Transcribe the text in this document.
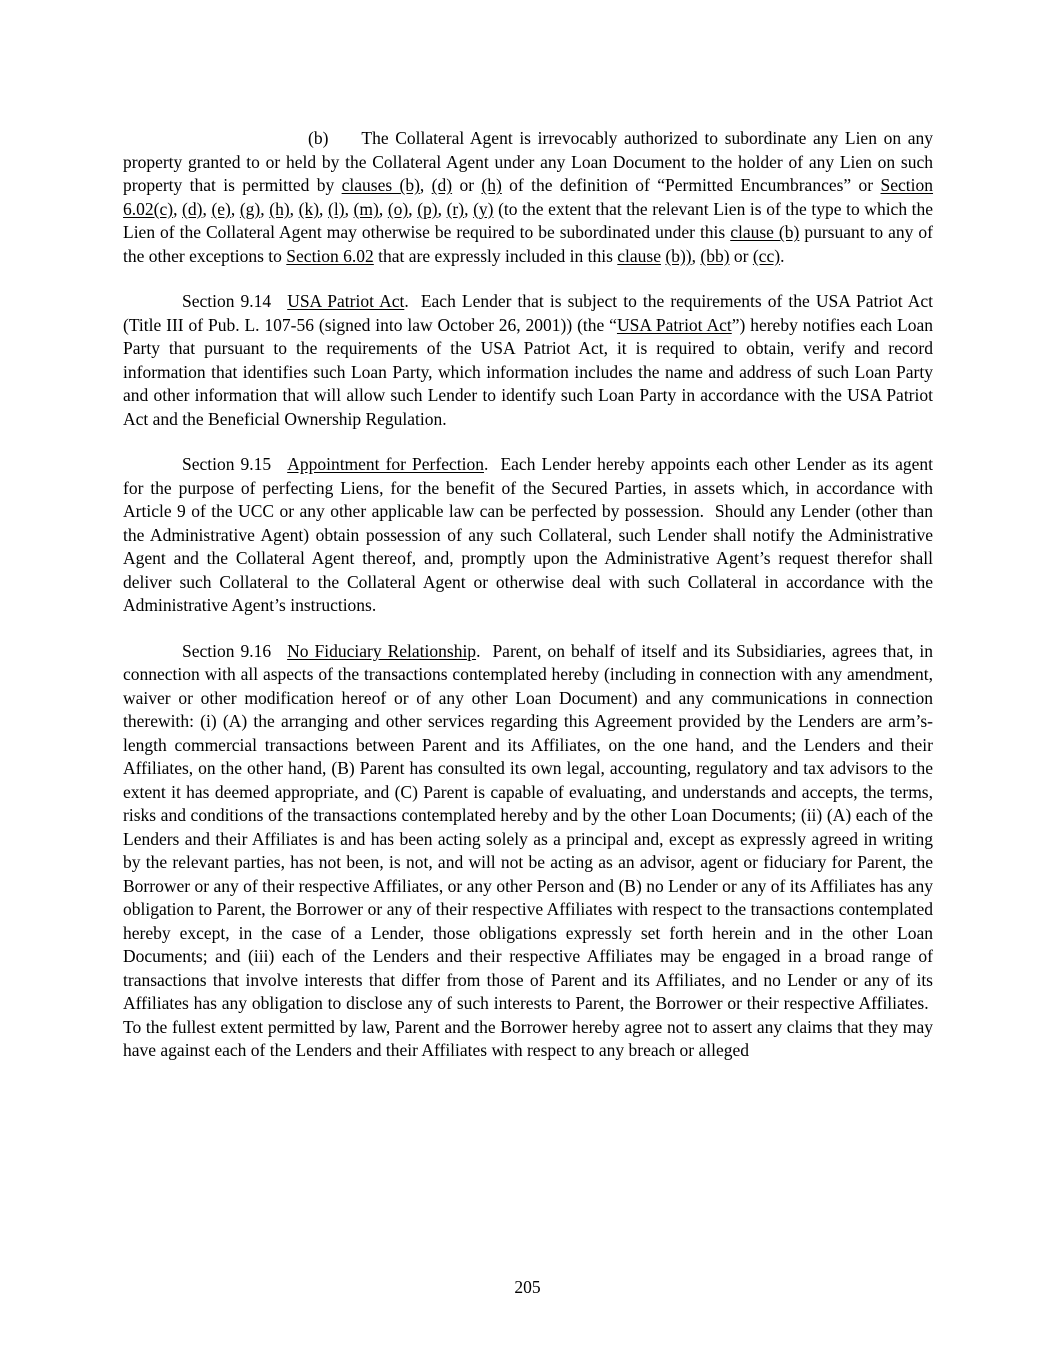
(b) The Collateral Agent is irrevocably authorized to subordinate any Lien on any property granted to or held by the Collateral Agent under any Loan Document to the holder of any Lien on such property that is permitted by clauses (b), (d) or (h) of the definition of “Permitted Encumbrances” or Section 6.02(c), (d), (e), (g), (h), (k), (l), (m), (o), (p), (r), (y) (to the extent that the relevant Lien is of the type to which the Lien of the Collateral Agent may otherwise be required to be subordinated under this clause (b) pursuant to any of the other exceptions to Section 6.02 that are expressly included in this clause (b)), (bb) or (cc).

Section 9.14 USA Patriot Act.  Each Lender that is subject to the requirements of the USA Patriot Act (Title III of Pub. L. 107-56 (signed into law October 26, 2001)) (the “USA Patriot Act”) hereby notifies each Loan Party that pursuant to the requirements of the USA Patriot Act, it is required to obtain, verify and record information that identifies such Loan Party, which information includes the name and address of such Loan Party and other information that will allow such Lender to identify such Loan Party in accordance with the USA Patriot Act and the Beneficial Ownership Regulation.

Section 9.15 Appointment for Perfection.  Each Lender hereby appoints each other Lender as its agent for the purpose of perfecting Liens, for the benefit of the Secured Parties, in assets which, in accordance with Article 9 of the UCC or any other applicable law can be perfected by possession.  Should any Lender (other than the Administrative Agent) obtain possession of any such Collateral, such Lender shall notify the Administrative Agent and the Collateral Agent thereof, and, promptly upon the Administrative Agent’s request therefor shall deliver such Collateral to the Collateral Agent or otherwise deal with such Collateral in accordance with the Administrative Agent’s instructions.

Section 9.16 No Fiduciary Relationship.  Parent, on behalf of itself and its Subsidiaries, agrees that, in connection with all aspects of the transactions contemplated hereby (including in connection with any amendment, waiver or other modification hereof or of any other Loan Document) and any communications in connection therewith: (i) (A) the arranging and other services regarding this Agreement provided by the Lenders are arm’s-length commercial transactions between Parent and its Affiliates, on the one hand, and the Lenders and their Affiliates, on the other hand, (B) Parent has consulted its own legal, accounting, regulatory and tax advisors to the extent it has deemed appropriate, and (C) Parent is capable of evaluating, and understands and accepts, the terms, risks and conditions of the transactions contemplated hereby and by the other Loan Documents; (ii) (A) each of the Lenders and their Affiliates is and has been acting solely as a principal and, except as expressly agreed in writing by the relevant parties, has not been, is not, and will not be acting as an advisor, agent or fiduciary for Parent, the Borrower or any of their respective Affiliates, or any other Person and (B) no Lender or any of its Affiliates has any obligation to Parent, the Borrower or any of their respective Affiliates with respect to the transactions contemplated hereby except, in the case of a Lender, those obligations expressly set forth herein and in the other Loan Documents; and (iii) each of the Lenders and their respective Affiliates may be engaged in a broad range of transactions that involve interests that differ from those of Parent and its Affiliates, and no Lender or any of its Affiliates has any obligation to disclose any of such interests to Parent, the Borrower or their respective Affiliates.  To the fullest extent permitted by law, Parent and the Borrower hereby agree not to assert any claims that they may have against each of the Lenders and their Affiliates with respect to any breach or alleged

205
